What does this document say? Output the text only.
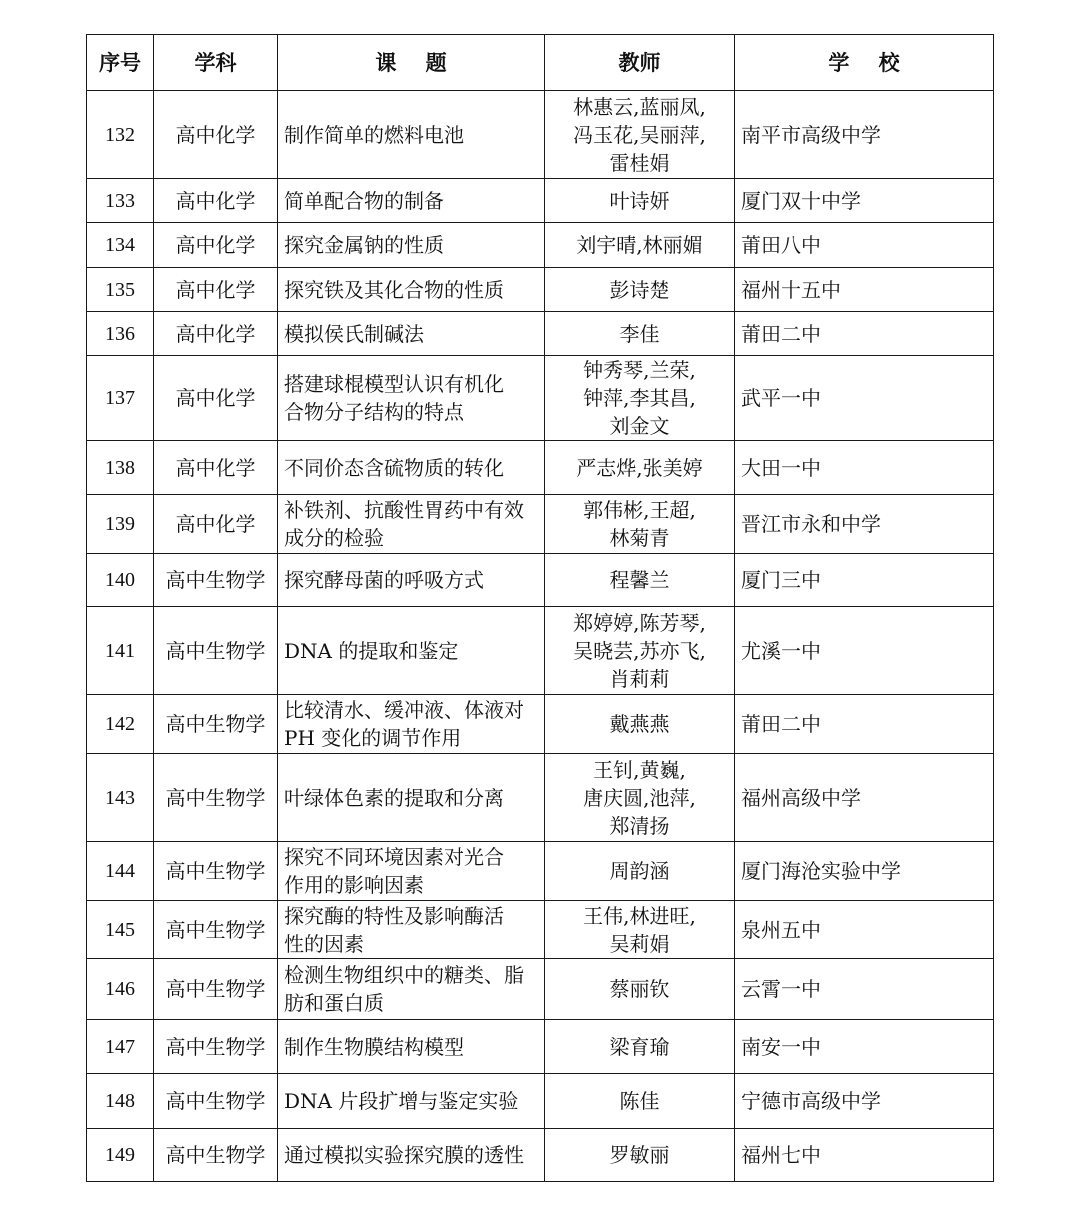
序号	学科	课    题	教师	学    校
132	高中化学	制作简单的燃料电池	林惠云,蓝丽凤,
冯玉花,吴丽萍,
雷桂娟	南平市高级中学
133	高中化学	简单配合物的制备	叶诗妍	厦门双十中学
134	高中化学	探究金属钠的性质	刘宇晴,林丽媚	莆田八中
135	高中化学	探究铁及其化合物的性质	彭诗楚	福州十五中
136	高中化学	模拟侯氏制碱法	李佳	莆田二中
137	高中化学	搭建球棍模型认识有机化
合物分子结构的特点	钟秀琴,兰荣,
钟萍,李其昌,
刘金文	武平一中
138	高中化学	不同价态含硫物质的转化	严志烨,张美婷	大田一中
139	高中化学	补铁剂、抗酸性胃药中有效
成分的检验	郭伟彬,王超,
林菊青	晋江市永和中学
140	高中生物学	探究酵母菌的呼吸方式	程馨兰	厦门三中
141	高中生物学	DNA 的提取和鉴定	郑婷婷,陈芳琴,
吴晓芸,苏亦飞,
肖莉莉	尤溪一中
142	高中生物学	比较清水、缓冲液、体液对
PH 变化的调节作用	戴燕燕	莆田二中
143	高中生物学	叶绿体色素的提取和分离	王钊,黄巍,
唐庆圆,池萍,
郑清扬	福州高级中学
144	高中生物学	探究不同环境因素对光合
作用的影响因素	周韵涵	厦门海沧实验中学
145	高中生物学	探究酶的特性及影响酶活
性的因素	王伟,林进旺,
吴莉娟	泉州五中
146	高中生物学	检测生物组织中的糖类、脂
肪和蛋白质	蔡丽钦	云霄一中
147	高中生物学	制作生物膜结构模型	梁育瑜	南安一中
148	高中生物学	DNA 片段扩增与鉴定实验	陈佳	宁德市高级中学
149	高中生物学	通过模拟实验探究膜的透性	罗敏丽	福州七中
